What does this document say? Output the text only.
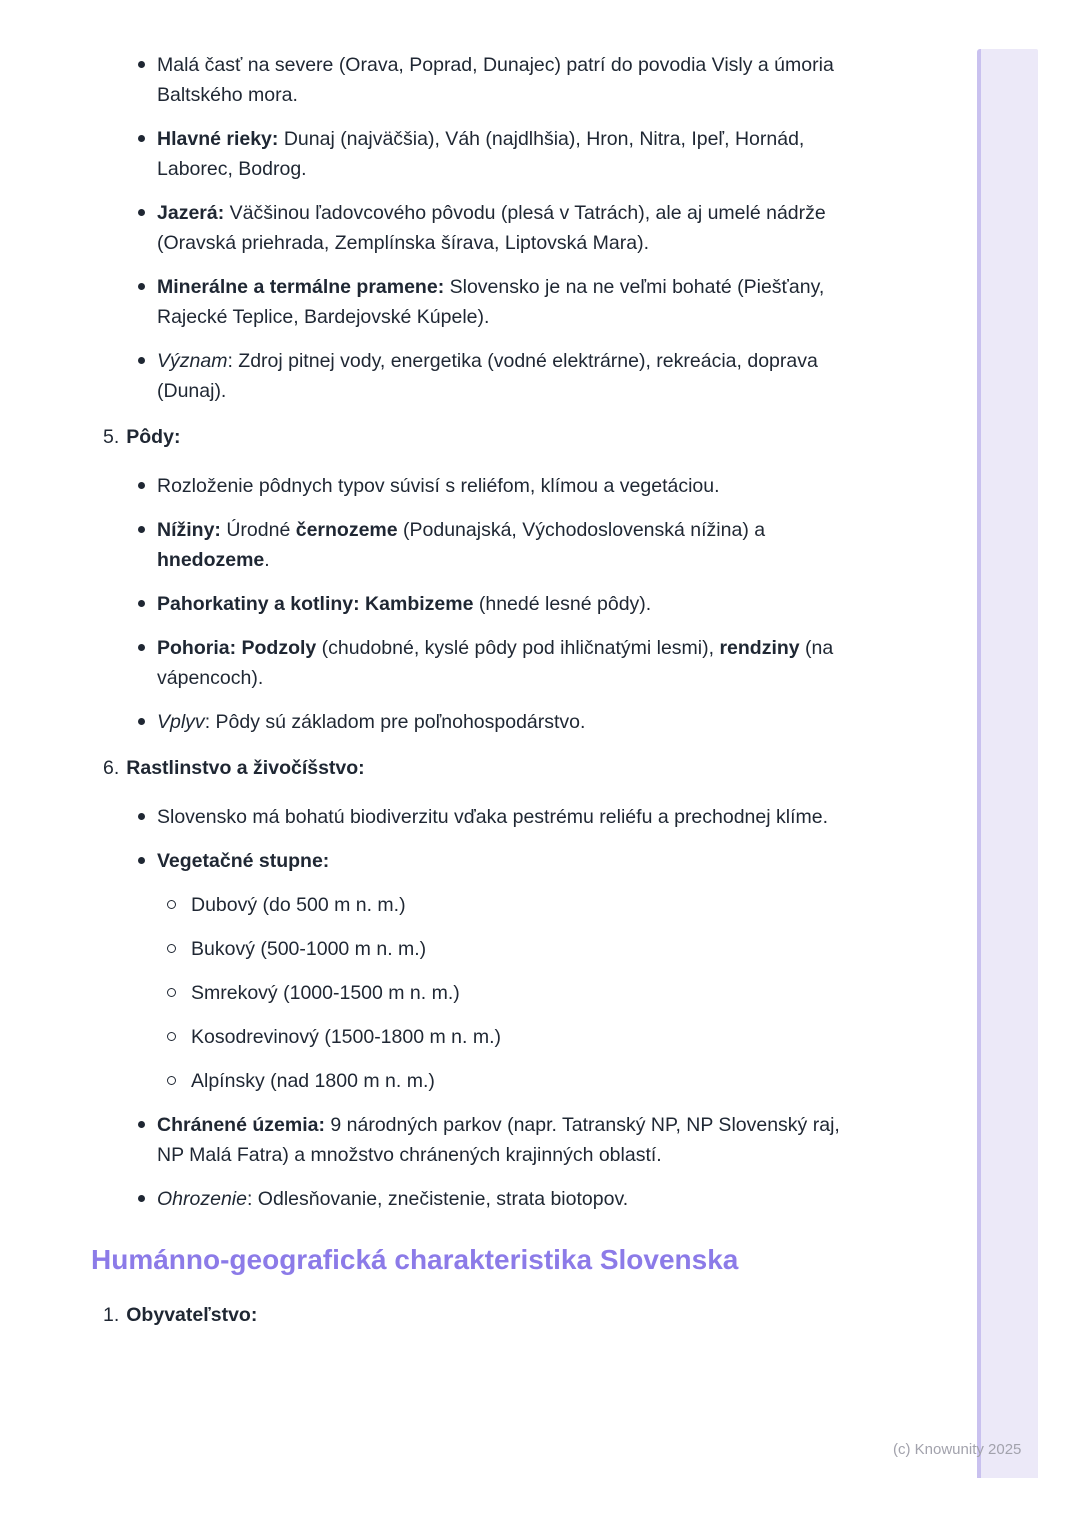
Malá časť na severe (Orava, Poprad, Dunajec) patrí do povodia Visly a úmoria Baltského mora.
Hlavné rieky: Dunaj (najväčšia), Váh (najdlhšia), Hron, Nitra, Ipeľ, Hornád, Laborec, Bodrog.
Jazerá: Väčšinou ľadovcového pôvodu (plesá v Tatrách), ale aj umelé nádrže (Oravská priehrada, Zemplínska šírava, Liptovská Mara).
Minerálne a termálne pramene: Slovensko je na ne veľmi bohaté (Piešťany, Rajecké Teplice, Bardejovské Kúpele).
Význam: Zdroj pitnej vody, energetika (vodné elektrárne), rekreácia, doprava (Dunaj).
5. Pôdy:
Rozloženie pôdnych typov súvisí s reliéfom, klímou a vegetáciou.
Nížiny: Úrodné černozeme (Podunajská, Východoslovenská nížina) a hnedozeme.
Pahorkatiny a kotliny: Kambizeme (hnedé lesné pôdy).
Pohoria: Podzoly (chudobné, kyslé pôdy pod ihličnatými lesmi), rendziny (na vápencoch).
Vplyv: Pôdy sú základom pre poľnohospodárstvo.
6. Rastlinstvo a živočíšstvo:
Slovensko má bohatú biodiverzitu vďaka pestrému reliéfu a prechodnej klíme.
Vegetačné stupne:
Dubový (do 500 m n. m.)
Bukový (500-1000 m n. m.)
Smrekový (1000-1500 m n. m.)
Kosodrevinový (1500-1800 m n. m.)
Alpínsky (nad 1800 m n. m.)
Chránené územia: 9 národných parkov (napr. Tatranský NP, NP Slovenský raj, NP Malá Fatra) a množstvo chránených krajinných oblastí.
Ohrozenie: Odlesňovanie, znečistenie, strata biotopov.
Humánno-geografická charakteristika Slovenska
1. Obyvateľstvo:
(c) Knowunity 2025
